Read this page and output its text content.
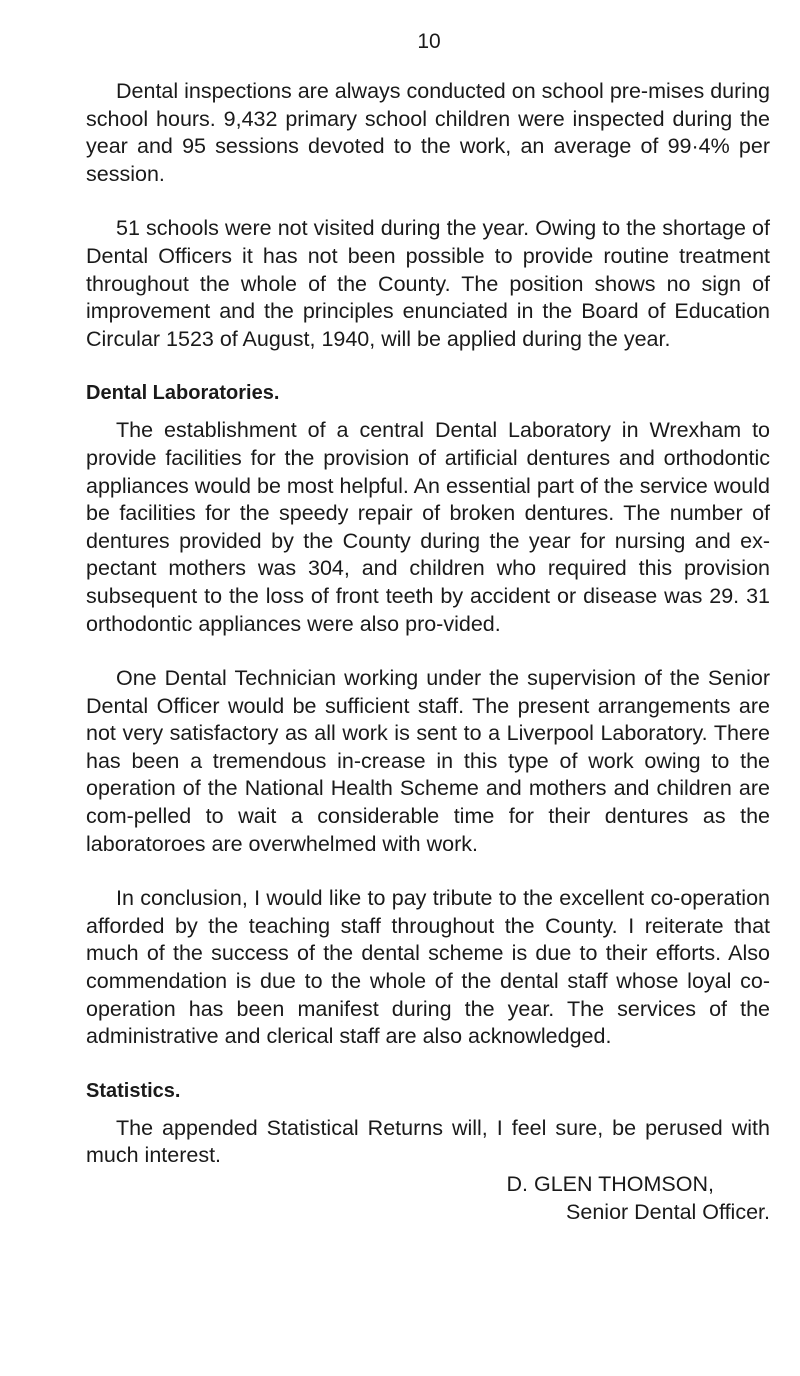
10

Dental inspections are always conducted on school pre-mises during school hours. 9,432 primary school children were inspected during the year and 95 sessions devoted to the work, an average of 99·4% per session.

51 schools were not visited during the year. Owing to the shortage of Dental Officers it has not been possible to provide routine treatment throughout the whole of the County. The position shows no sign of improvement and the principles enunciated in the Board of Education Circular 1523 of August, 1940, will be applied during the year.

Dental Laboratories.

The establishment of a central Dental Laboratory in Wrexham to provide facilities for the provision of artificial dentures and orthodontic appliances would be most helpful. An essential part of the service would be facilities for the speedy repair of broken dentures. The number of dentures provided by the County during the year for nursing and ex-pectant mothers was 304, and children who required this provision subsequent to the loss of front teeth by accident or disease was 29. 31 orthodontic appliances were also pro-vided.

One Dental Technician working under the supervision of the Senior Dental Officer would be sufficient staff. The present arrangements are not very satisfactory as all work is sent to a Liverpool Laboratory. There has been a tremendous in-crease in this type of work owing to the operation of the National Health Scheme and mothers and children are com-pelled to wait a considerable time for their dentures as the laboratoroes are overwhelmed with work.

In conclusion, I would like to pay tribute to the excellent co-operation afforded by the teaching staff throughout the County. I reiterate that much of the success of the dental scheme is due to their efforts. Also commendation is due to the whole of the dental staff whose loyal co-operation has been manifest during the year. The services of the administrative and clerical staff are also acknowledged.

Statistics.

The appended Statistical Returns will, I feel sure, be perused with much interest.

D. GLEN THOMSON,
Senior Dental Officer.
